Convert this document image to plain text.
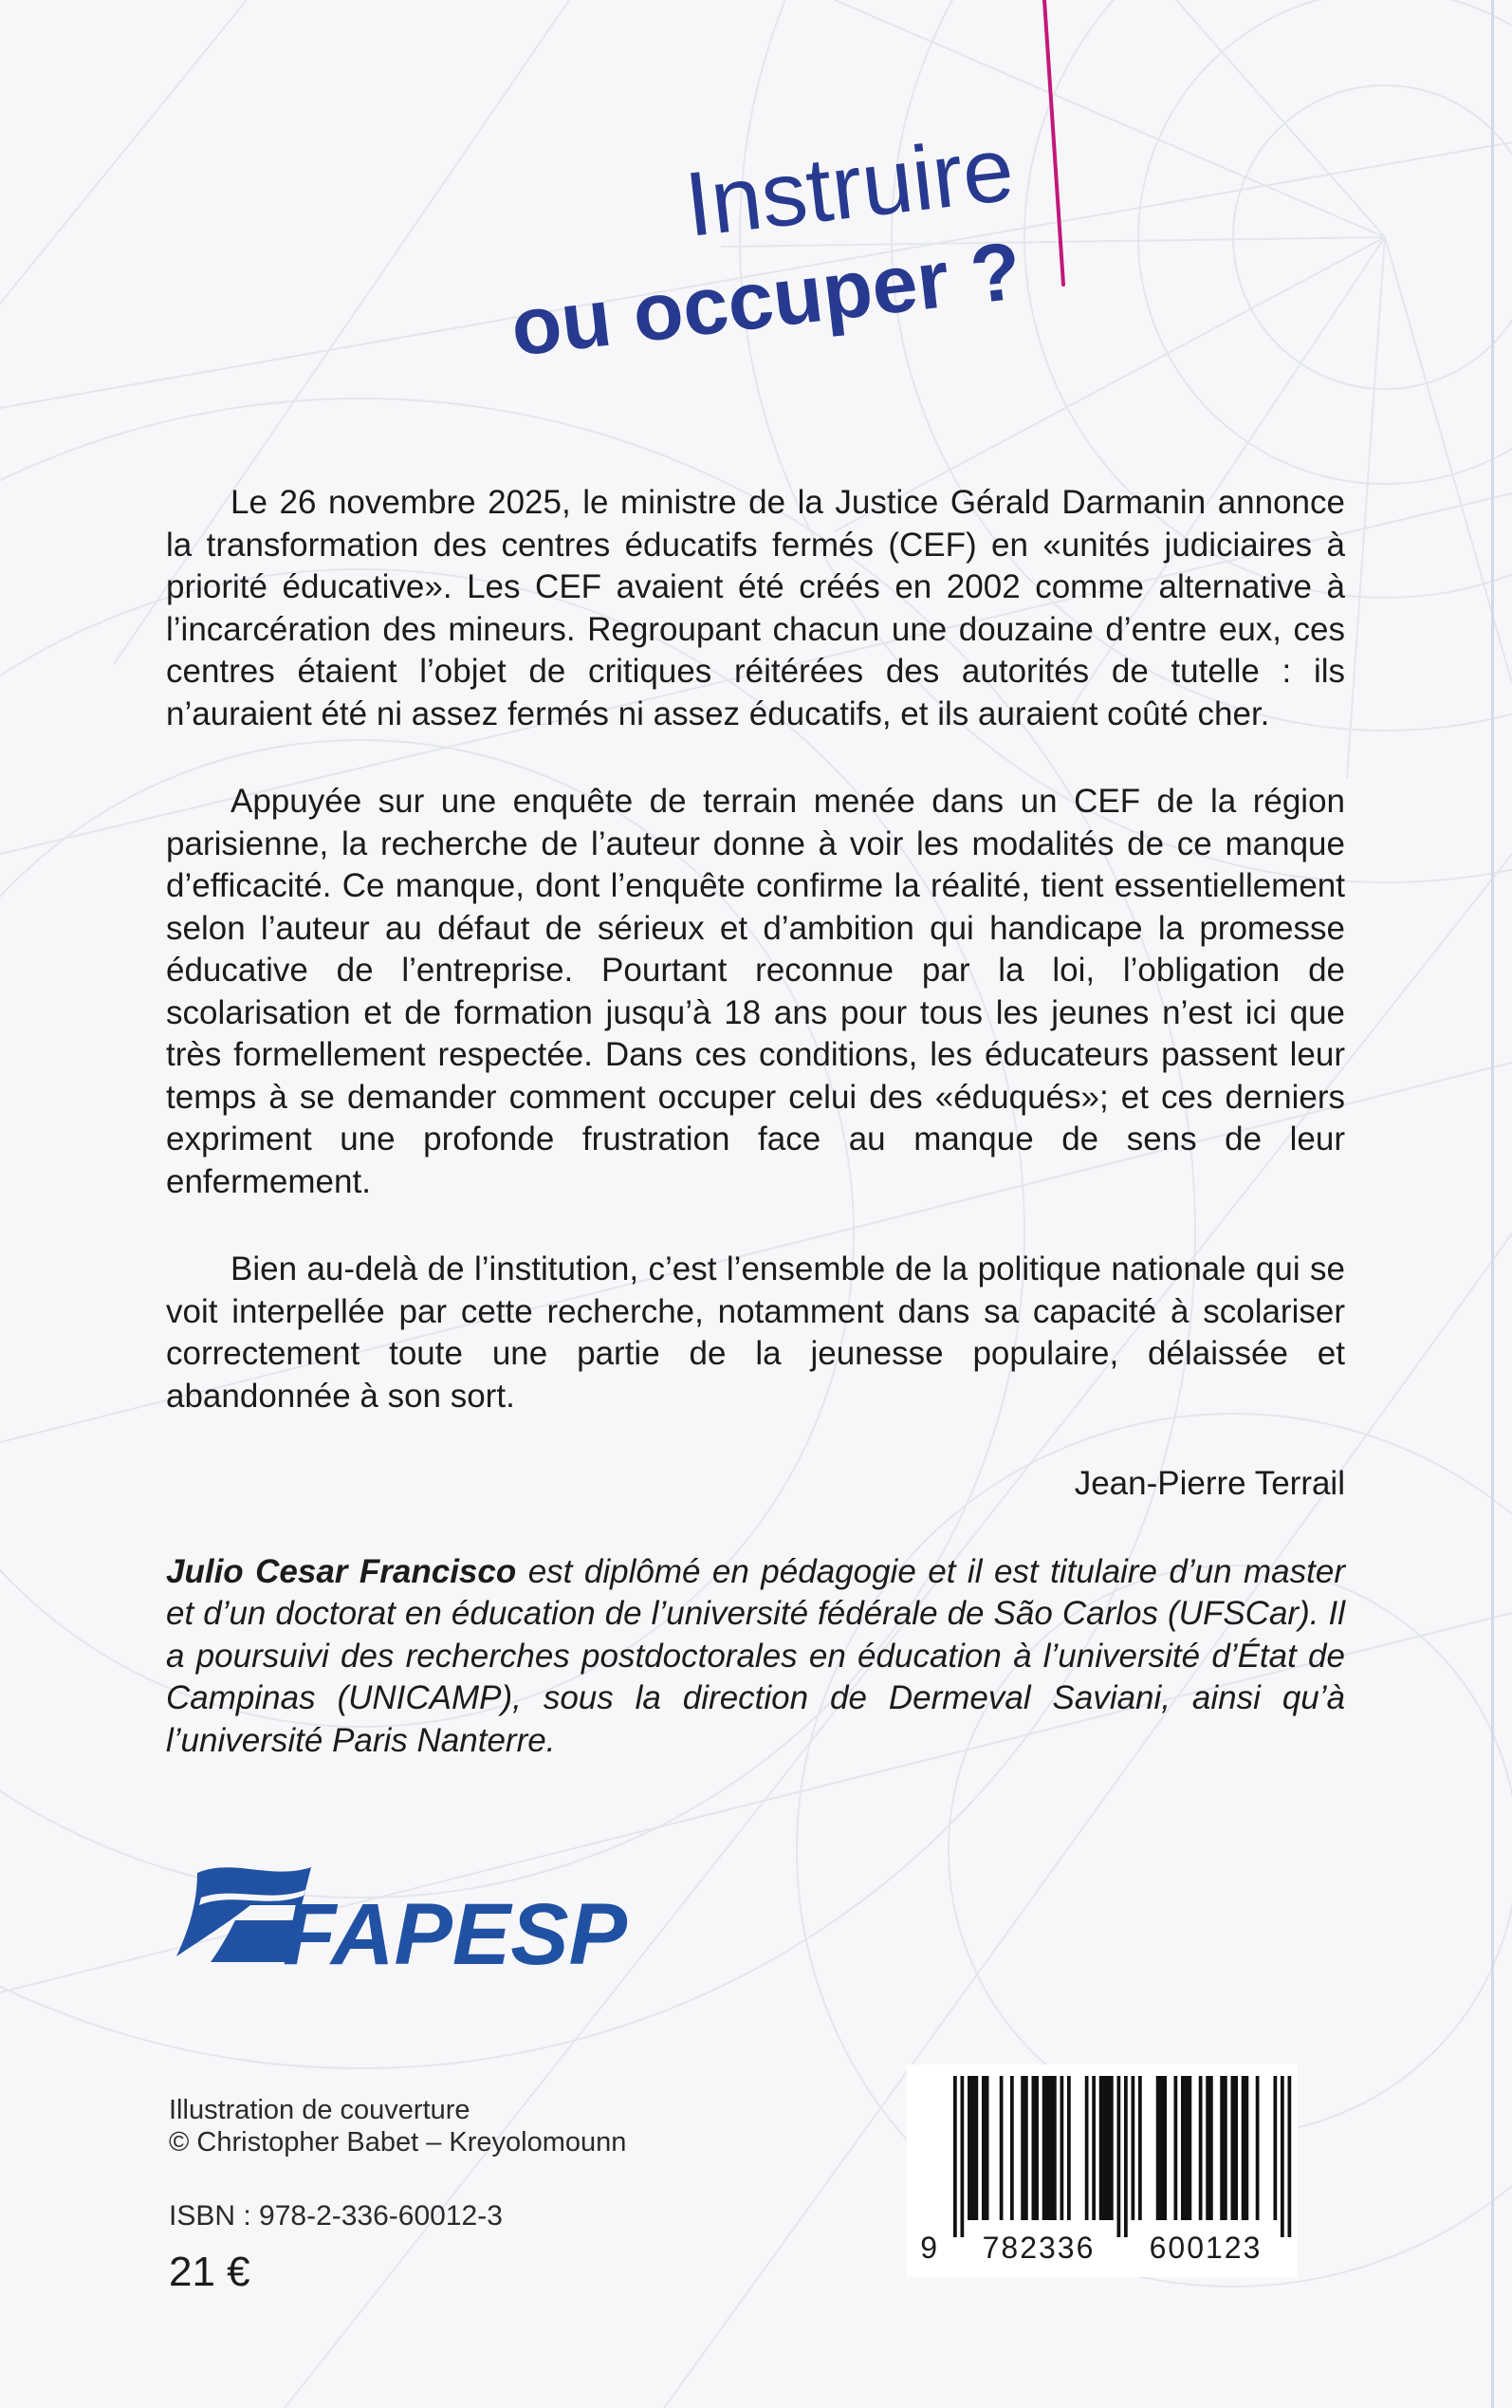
Instruire
ou occuper ?

Le 26 novembre 2025, le ministre de la Justice Gérald Darmanin annonce la transformation des centres éducatifs fermés (CEF) en «unités judiciaires à priorité éducative». Les CEF avaient été créés en 2002 comme alternative à l’incarcération des mineurs. Regroupant chacun une douzaine d’entre eux, ces centres étaient l’objet de critiques réitérées des autorités de tutelle : ils n’auraient été ni assez fermés ni assez éducatifs, et ils auraient coûté cher.

Appuyée sur une enquête de terrain menée dans un CEF de la région parisienne, la recherche de l’auteur donne à voir les modalités de ce manque d’efficacité. Ce manque, dont l’enquête confirme la réalité, tient essentiellement selon l’auteur au défaut de sérieux et d’ambition qui handicape la promesse éducative de l’entreprise. Pourtant reconnue par la loi, l’obligation de scolarisation et de formation jusqu’à 18 ans pour tous les jeunes n’est ici que très formellement respectée. Dans ces conditions, les éducateurs passent leur temps à se demander comment occuper celui des «éduqués»; et ces derniers expriment une profonde frustration face au manque de sens de leur enfermement.

Bien au-delà de l’institution, c’est l’ensemble de la politique nationale qui se voit interpellée par cette recherche, notamment dans sa capacité à scolariser correctement toute une partie de la jeunesse populaire, délaissée et abandonnée à son sort.

Jean-Pierre Terrail

Julio Cesar Francisco est diplômé en pédagogie et il est titulaire d’un master et d’un doctorat en éducation de l’université fédérale de São Carlos (UFSCar). Il a poursuivi des recherches postdoctorales en éducation à l’université d’État de Campinas (UNICAMP), sous la direction de Dermeval Saviani, ainsi qu’à l’université Paris Nanterre.

FAPESP
Illustration de couverture
© Christopher Babet – Kreyolomounn
ISBN : 978-2-336-60012-3
21 €
9 782336 600123
